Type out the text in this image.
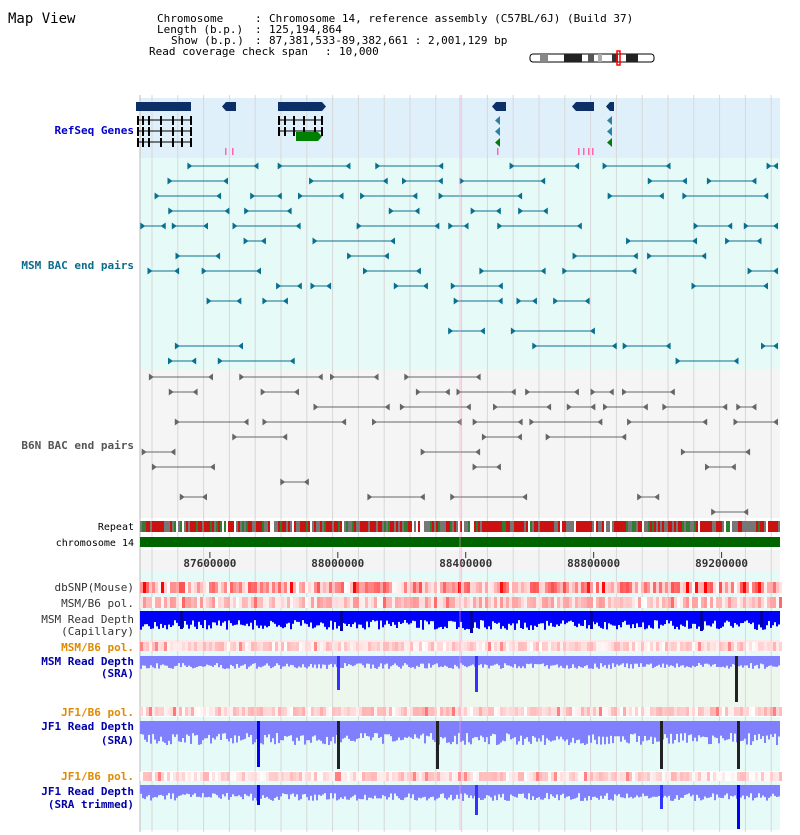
Map View	Chromosome	: Chromosome 14, reference assembly (C57BL/6J) (Build 37)
Length (b.p.) : 125,194,864
Show (b.p.) : 87,381,533-89,382,661 : 2,001,129 bp
Read coverage check span : 10,000
RefSeq Genes
MSM BAC end pairs
B6N BAC end pairs
Repeat
chromosome 14
dbSNP(Mouse)
MSM/B6 pol.
MSM Read Depth
(Capillary)
MSM/B6 pol.
MSM Read Depth
(SRA)
JF1/B6 pol.
JF1 Read Depth
(SRA)
JF1/B6 pol.
JF1 Read Depth
(SRA trimmed)
87600000	88000000	88400000	88800000	89200000
